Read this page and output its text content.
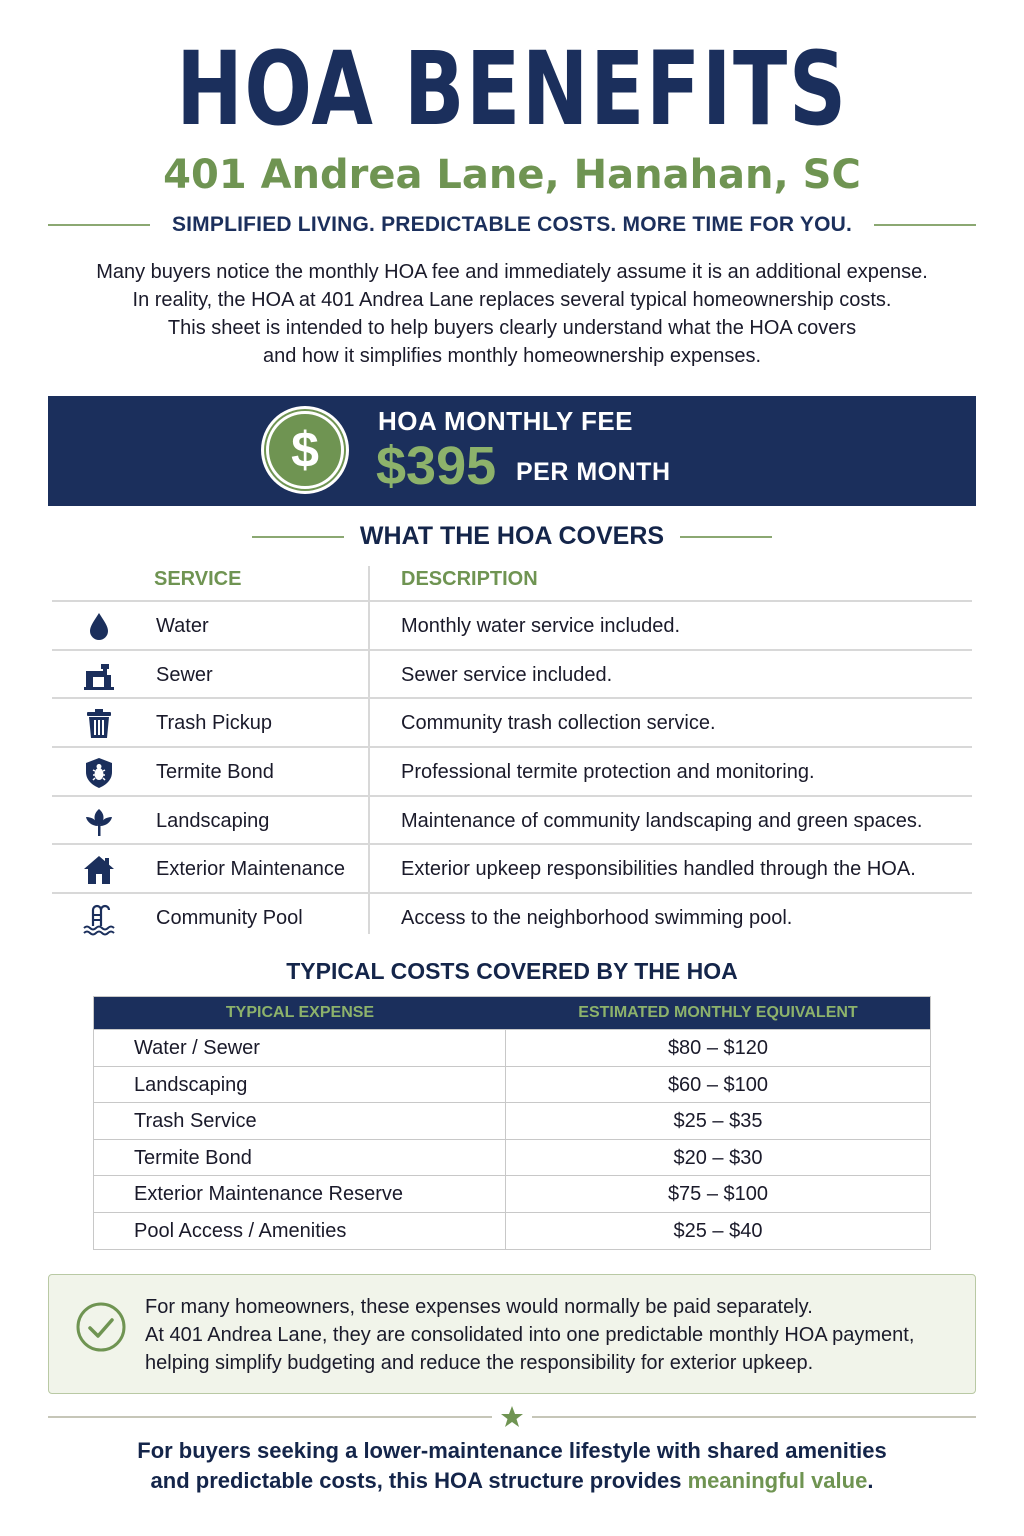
HOA BENEFITS
401 Andrea Lane, Hanahan, SC
SIMPLIFIED LIVING. PREDICTABLE COSTS. MORE TIME FOR YOU.
Many buyers notice the monthly HOA fee and immediately assume it is an additional expense.
In reality, the HOA at 401 Andrea Lane replaces several typical homeownership costs.
This sheet is intended to help buyers clearly understand what the HOA covers
and how it simplifies monthly homeownership expenses.
$
HOA MONTHLY FEE
$395 PER MONTH
WHAT THE HOA COVERS
SERVICE	DESCRIPTION
Water	Monthly water service included.
Sewer	Sewer service included.
Trash Pickup	Community trash collection service.
Termite Bond	Professional termite protection and monitoring.
Landscaping	Maintenance of community landscaping and green spaces.
Exterior Maintenance	Exterior upkeep responsibilities handled through the HOA.
Community Pool	Access to the neighborhood swimming pool.
TYPICAL COSTS COVERED BY THE HOA
TYPICAL EXPENSE	ESTIMATED MONTHLY EQUIVALENT
Water / Sewer	$80 – $120
Landscaping	$60 – $100
Trash Service	$25 – $35
Termite Bond	$20 – $30
Exterior Maintenance Reserve	$75 – $100
Pool Access / Amenities	$25 – $40
For many homeowners, these expenses would normally be paid separately.
At 401 Andrea Lane, they are consolidated into one predictable monthly HOA payment,
helping simplify budgeting and reduce the responsibility for exterior upkeep.
For buyers seeking a lower-maintenance lifestyle with shared amenities
and predictable costs, this HOA structure provides meaningful value.
